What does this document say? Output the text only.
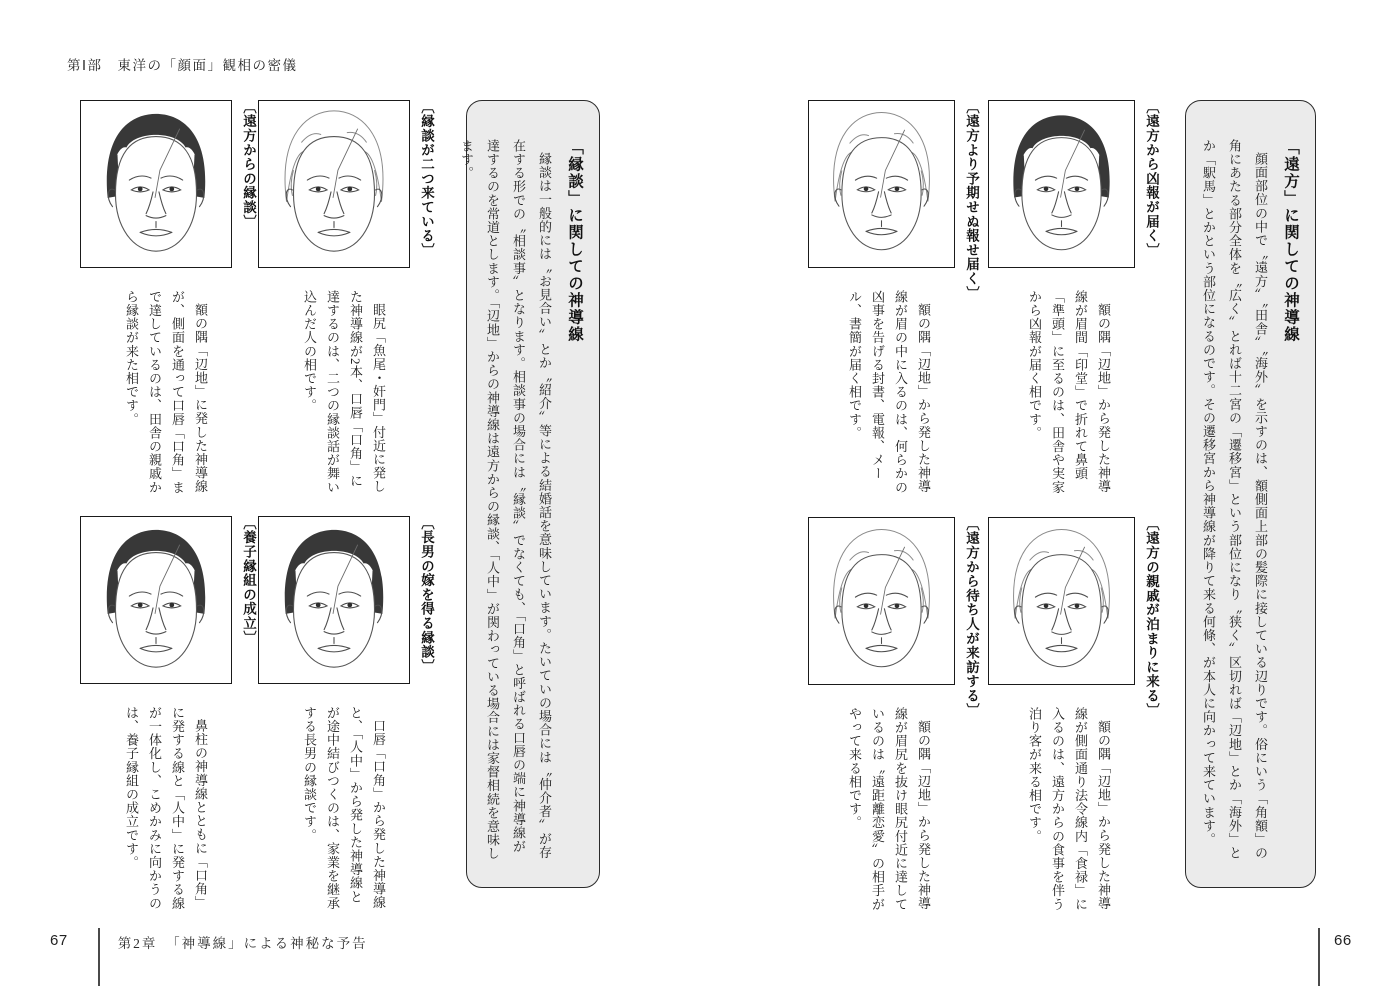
第Ⅰ部　東洋の「顔面」観相の密儀
「縁談」に関しての神導線
縁談は一般的には〝お見合い〟とか〝紹介〟等による結婚話を意味しています。たいていの場合には〝仲介者〟が存在する形での〝相談事〟となります。相談事の場合には〝縁談〟でなくても、「口角」と呼ばれる口唇の端に神導線が達するのを常道とします。「辺地」からの神導線は遠方からの縁談、「人中」が関わっている場合には家督相続を意味します。
〔縁談が二つ来ている〕
眼尻「魚尾・奸門」付近に発した神導線が2本、口唇「口角」に達するのは、二つの縁談話が舞い込んだ人の相です。
〔遠方からの縁談〕
額の隅「辺地」に発した神導線が、側面を通って口唇「口角」まで達しているのは、田舎の親戚から縁談が来た相です。
〔長男の嫁を得る縁談〕
口唇「口角」から発した神導線と、「人中」から発した神導線とが途中結びつくのは、家業を継承する長男の縁談です。
〔養子縁組の成立〕
鼻柱の神導線とともに「口角」に発する線と「人中」に発する線が一体化し、こめかみに向かうのは、養子縁組の成立です。
「遠方」に関しての神導線
顔面部位の中で〝遠方〟〝田舎〟〝海外〟を示すのは、額側面上部の髪際に接している辺りです。俗にいう「角額」の角にあたる部分全体を〝広く〟とれば十二宮の「遷移宮」という部位になり〝狭く〟区切れば「辺地」とか「海外」とか「駅馬」とかという部位になるのです。その遷移宮から神導線が降りて来る何條、が本人に向かって来ています。
〔遠方から凶報が届く〕
額の隅「辺地」から発した神導線が眉間「印堂」で折れて鼻頭「準頭」に至るのは、田舎や実家から凶報が届く相です。
〔遠方より予期せぬ報せ届く〕
額の隅「辺地」から発した神導線が眉の中に入るのは、何らかの凶事を告げる封書、電報、メール、書簡が届く相です。
〔遠方の親戚が泊まりに来る〕
額の隅「辺地」から発した神導線が側面通り法令線内「食禄」に入るのは、遠方からの食事を伴う泊り客が来る相です。
〔遠方から待ち人が来訪する〕
額の隅「辺地」から発した神導線が眉尻を抜け眼尻付近に達しているのは〝遠距離恋愛〟の相手がやって来る相です。
67	第2章　「神導線」による神秘な予告	66
